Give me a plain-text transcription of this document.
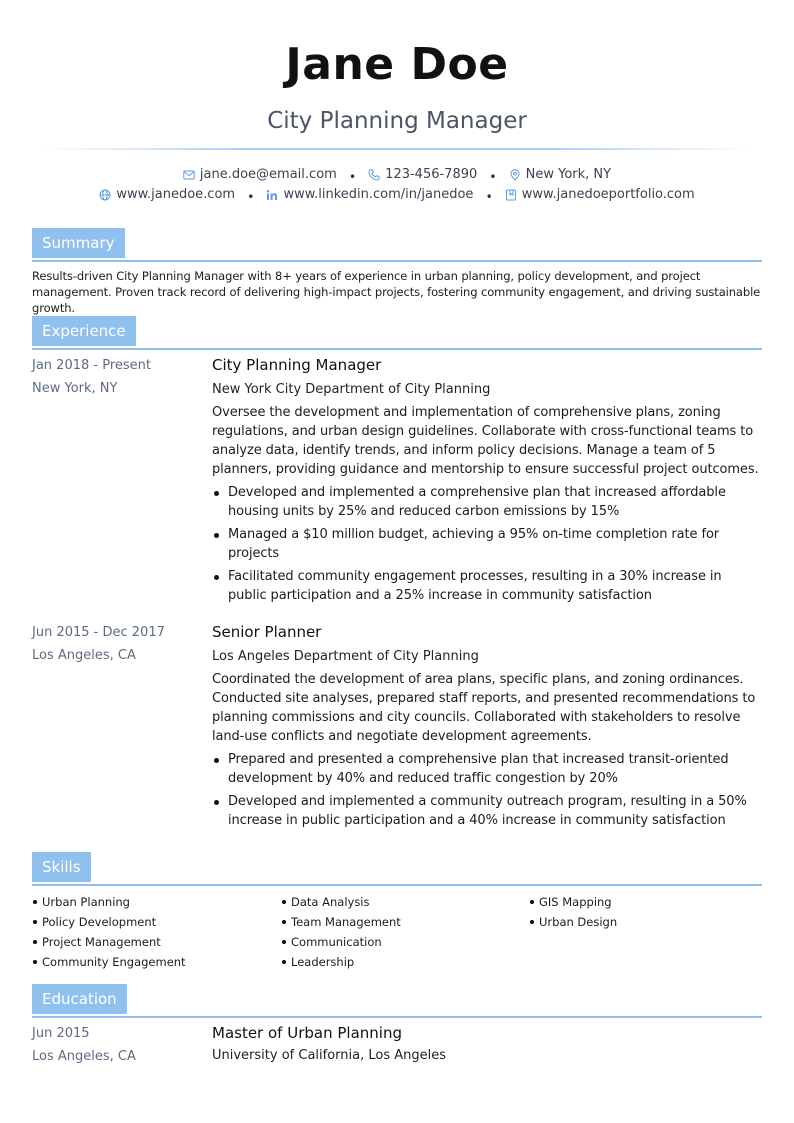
Jane Doe
City Planning Manager
jane.doe@email.com • 123-456-7890 • New York, NY
www.janedoe.com • www.linkedin.com/in/janedoe • www.janedoeportfolio.com
Summary
Results-driven City Planning Manager with 8+ years of experience in urban planning, policy development, and project management. Proven track record of delivering high-impact projects, fostering community engagement, and driving sustainable growth.
Experience
Jan 2018 - Present
New York, NY
City Planning Manager
New York City Department of City Planning
Oversee the development and implementation of comprehensive plans, zoning regulations, and urban design guidelines. Collaborate with cross-functional teams to analyze data, identify trends, and inform policy decisions. Manage a team of 5 planners, providing guidance and mentorship to ensure successful project outcomes.
Developed and implemented a comprehensive plan that increased affordable housing units by 25% and reduced carbon emissions by 15%
Managed a $10 million budget, achieving a 95% on-time completion rate for projects
Facilitated community engagement processes, resulting in a 30% increase in public participation and a 25% increase in community satisfaction
Jun 2015 - Dec 2017
Los Angeles, CA
Senior Planner
Los Angeles Department of City Planning
Coordinated the development of area plans, specific plans, and zoning ordinances. Conducted site analyses, prepared staff reports, and presented recommendations to planning commissions and city councils. Collaborated with stakeholders to resolve land-use conflicts and negotiate development agreements.
Prepared and presented a comprehensive plan that increased transit-oriented development by 40% and reduced traffic congestion by 20%
Developed and implemented a community outreach program, resulting in a 50% increase in public participation and a 40% increase in community satisfaction
Skills
Urban Planning
Policy Development
Project Management
Community Engagement
Data Analysis
Team Management
Communication
Leadership
GIS Mapping
Urban Design
Education
Jun 2015
Los Angeles, CA
Master of Urban Planning
University of California, Los Angeles
